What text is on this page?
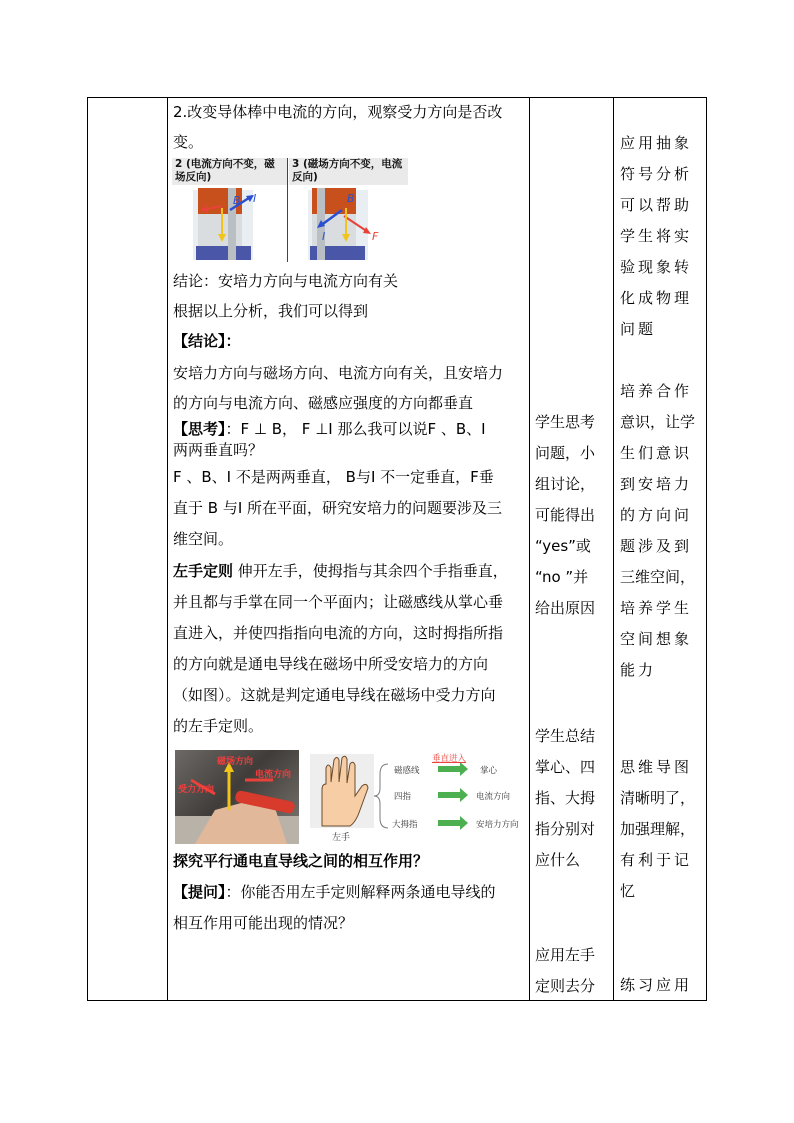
2.改变导体棒中电流的方向，观察受力方向是否改
变。
2 (电流方向不变，磁场反向)
3 (磁场方向不变，电流反向)
F
B I	B
F
I
结论：安培力方向与电流方向有关
根据以上分析，我们可以得到
【结论】：
安培力方向与磁场方向、电流方向有关，且安培力
的方向与电流方向、磁感应强度的方向都垂直
【思考】：F ⊥ B， F ⊥I 那么我可以说F 、B、I
两两垂直吗？
F 、B、I 不是两两垂直， B与I 不一定垂直，F垂
直于 B 与I 所在平面，研究安培力的问题要涉及三
维空间。
左手定则 伸开左手，使拇指与其余四个手指垂直，
并且都与手掌在同一个平面内；让磁感线从掌心垂
直进入，并使四指指向电流的方向，这时拇指所指
的方向就是通电导线在磁场中所受安培力的方向
（如图）。这就是判定通电导线在磁场中受力方向
的左手定则。
磁场方向
电流方向
受力方向
左手
磁感线
垂直进入
掌心
四指	电流方向
大拇指	安培力方向
探究平行通电直导线之间的相互作用？
【提问】：你能否用左手定则解释两条通电导线的
相互作用可能出现的情况？
学生思考
问题，小
组讨论，
可能得出
“yes”或
“no ”并
给出原因
学生总结
掌心、四
指、大拇
指分别对
应什么
应用左手
定则去分
应用抽象
符号分析
可以帮助
学生将实
验现象转
化成物理
问题
培养合作
意识，让学
生们意识
到安培力
的方向问
题涉及到
三维空间，
培养学生
空间想象
能力
思维导图
清晰明了，
加强理解，
有利于记
忆
练习应用
